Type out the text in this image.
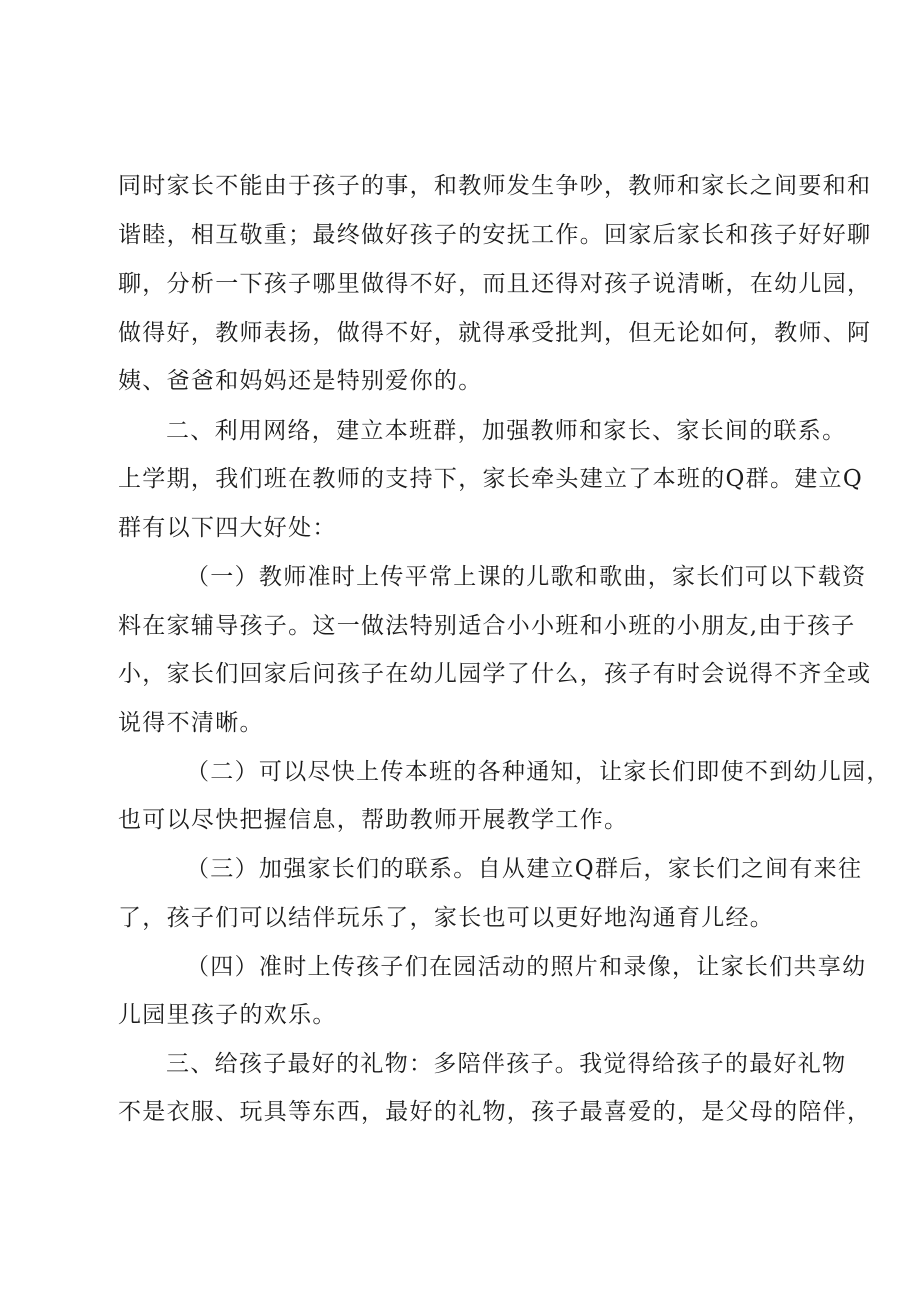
同时家长不能由于孩子的事，和教师发生争吵，教师和家长之间要和和
谐睦，相互敬重；最终做好孩子的安抚工作。回家后家长和孩子好好聊
聊，分析一下孩子哪里做得不好，而且还得对孩子说清晰，在幼儿园，
做得好，教师表扬，做得不好，就得承受批判，但无论如何，教师、阿
姨、爸爸和妈妈还是特别爱你的。
二、利用网络，建立本班群，加强教师和家长、家长间的联系。
上学期，我们班在教师的支持下，家长牵头建立了本班的Q群。建立Q
群有以下四大好处：
（一）教师准时上传平常上课的儿歌和歌曲，家长们可以下载资
料在家辅导孩子。这一做法特别适合小小班和小班的小朋友,由于孩子
小，家长们回家后问孩子在幼儿园学了什么，孩子有时会说得不齐全或
说得不清晰。
（二）可以尽快上传本班的各种通知，让家长们即使不到幼儿园，
也可以尽快把握信息，帮助教师开展教学工作。
（三）加强家长们的联系。自从建立Q群后，家长们之间有来往
了，孩子们可以结伴玩乐了，家长也可以更好地沟通育儿经。
（四）准时上传孩子们在园活动的照片和录像，让家长们共享幼
儿园里孩子的欢乐。
三、给孩子最好的礼物：多陪伴孩子。我觉得给孩子的最好礼物
不是衣服、玩具等东西，最好的礼物，孩子最喜爱的，是父母的陪伴，
